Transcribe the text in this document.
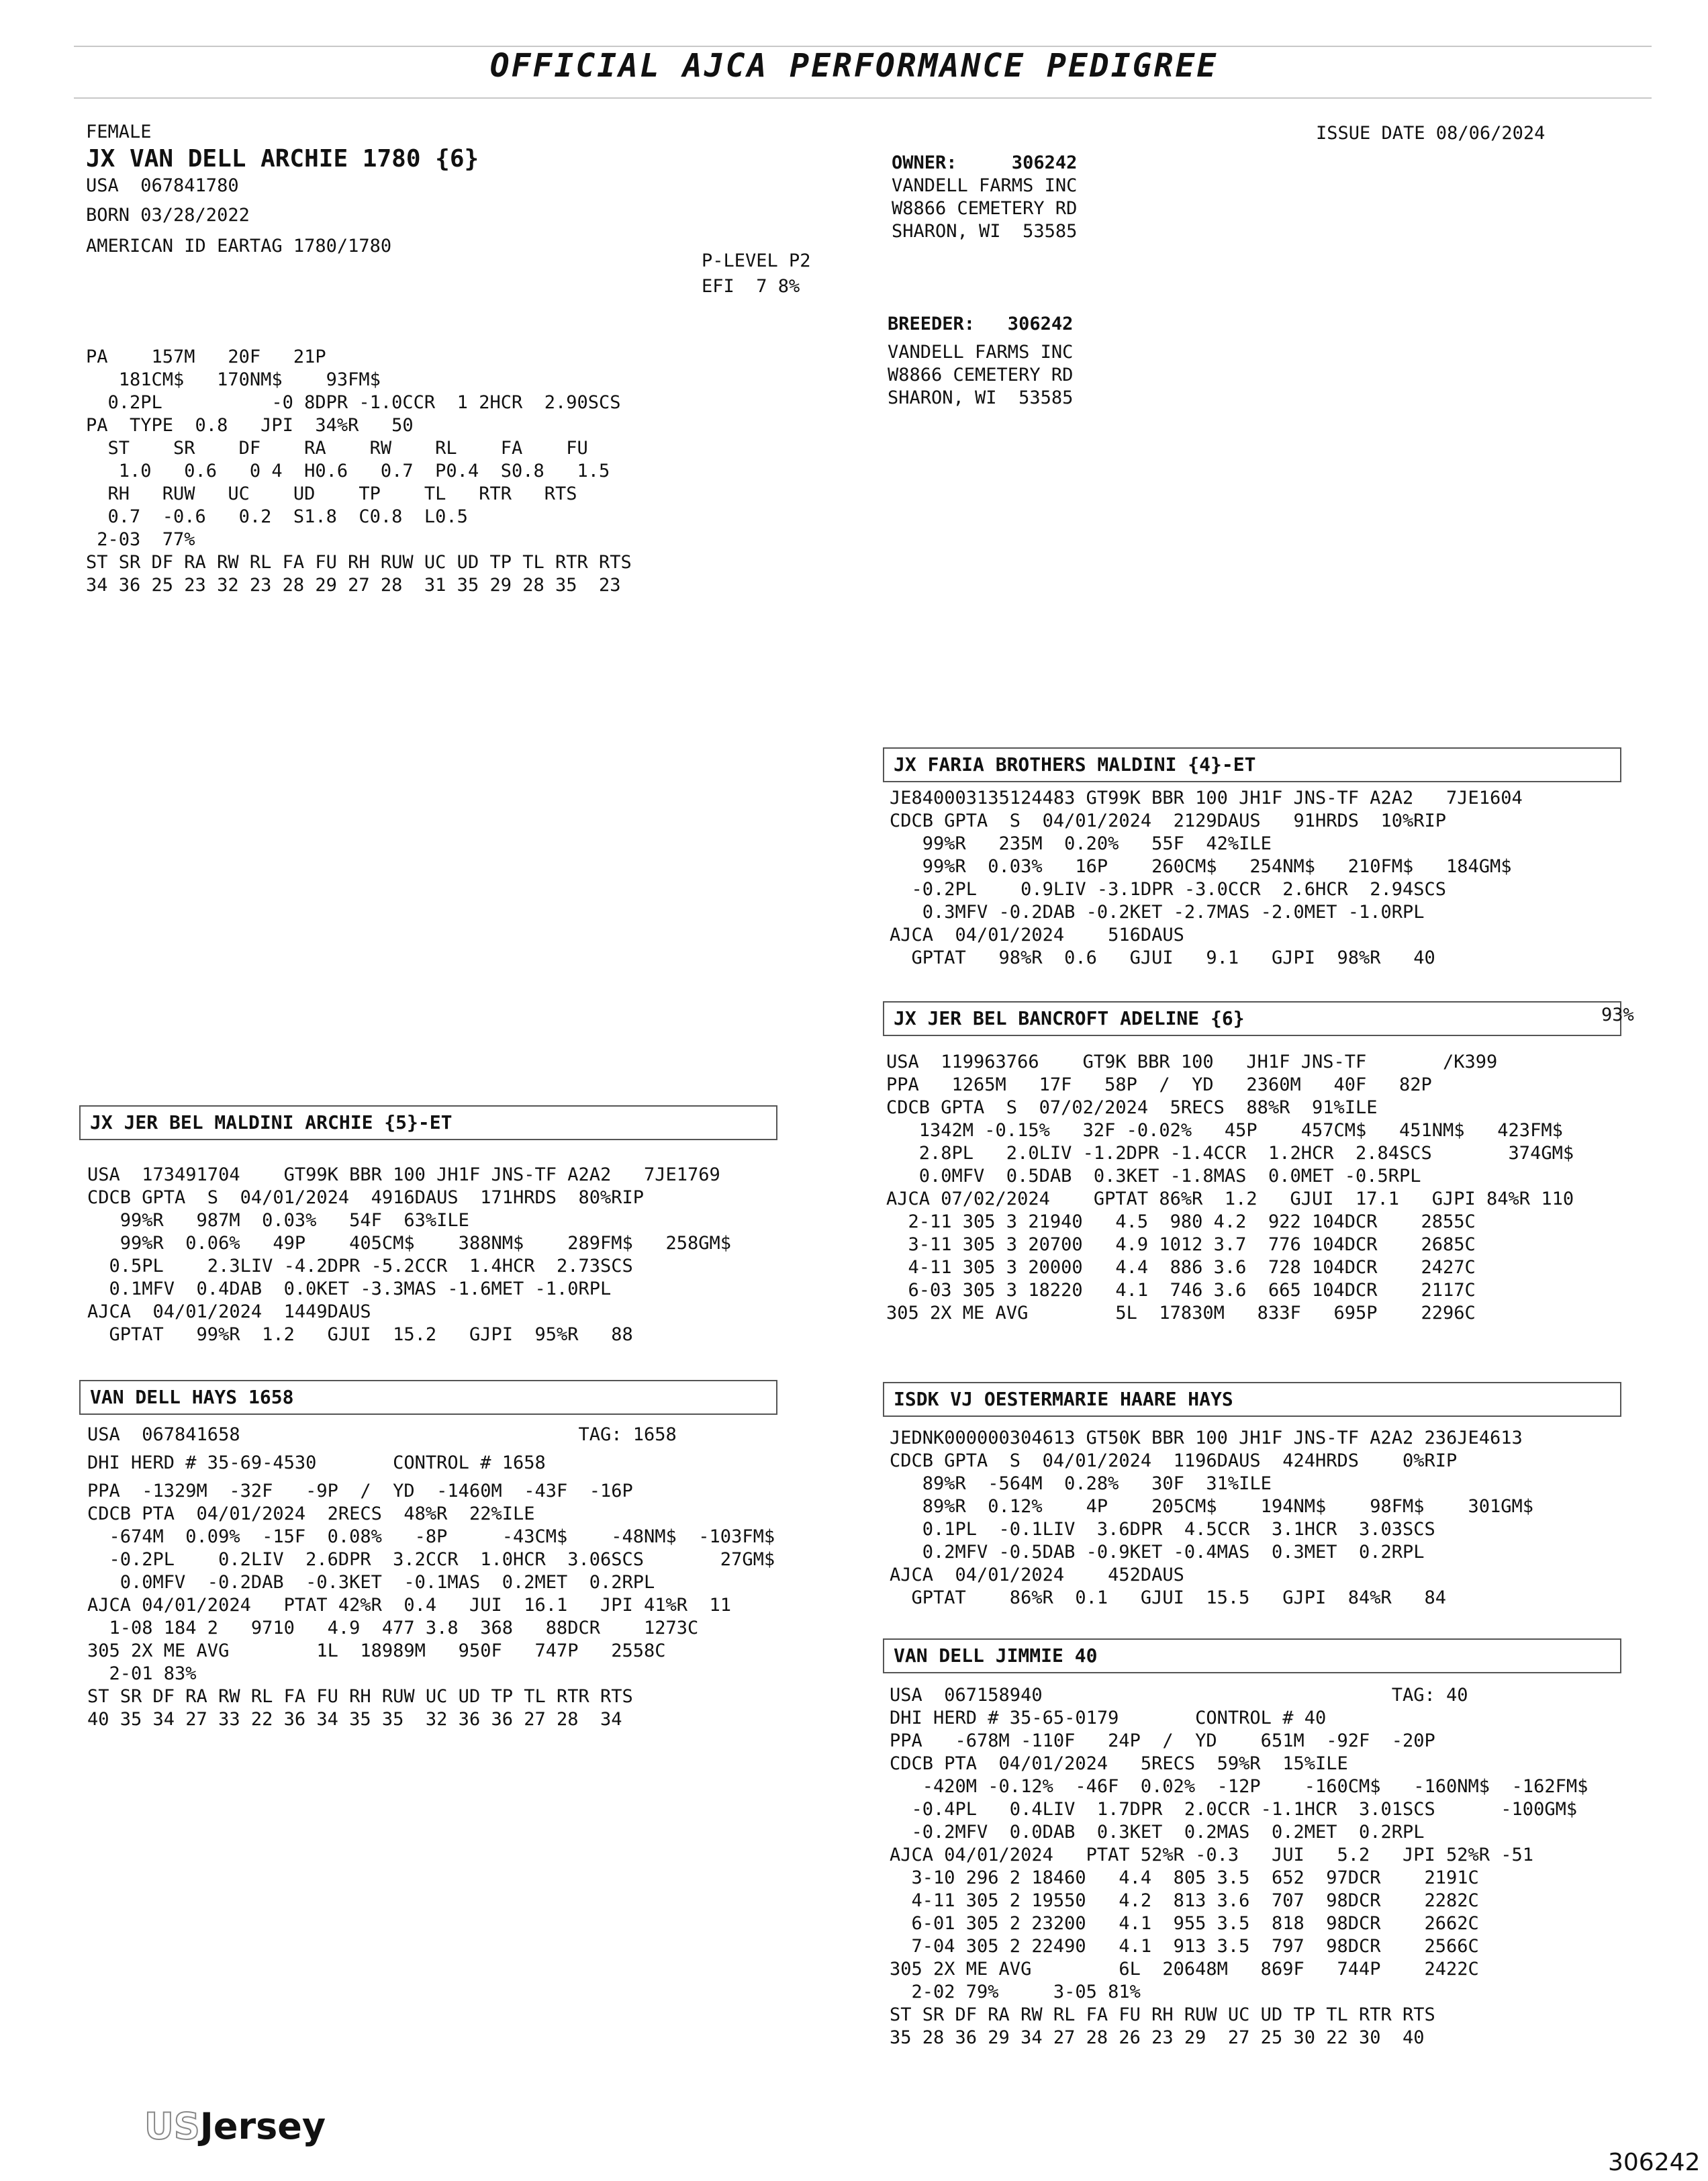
OFFICIAL AJCA PERFORMANCE PEDIGREE
FEMALE
JX VAN DELL ARCHIE 1780 {6}
USA  067841780
BORN 03/28/2022
AMERICAN ID EARTAG 1780/1780
ISSUE DATE 08/06/2024
P-LEVEL P2
EFI  7 8%
OWNER:     306242
VANDELL FARMS INC
W8866 CEMETERY RD
SHARON, WI  53585
BREEDER:   306242
VANDELL FARMS INC
W8866 CEMETERY RD
SHARON, WI  53585
PA    157M   20F   21P
181CM$   170NM$    93FM$
0.2PL          -0 8DPR -1.0CCR  1 2HCR  2.90SCS
PA  TYPE  0.8   JPI  34%R   50
ST    SR    DF    RA    RW    RL    FA    FU
1.0   0.6   0 4  H0.6   0.7  P0.4  S0.8   1.5
RH   RUW   UC    UD    TP    TL   RTR   RTS
0.7  -0.6   0.2  S1.8  C0.8  L0.5
2-03  77%
ST SR DF RA RW RL FA FU RH RUW UC UD TP TL RTR RTS
34 36 25 23 32 23 28 29 27 28  31 35 29 28 35  23
JX FARIA BROTHERS MALDINI {4}-ET
JE840003135124483 GT99K BBR 100 JH1F JNS-TF A2A2   7JE1604
CDCB GPTA  S  04/01/2024  2129DAUS   91HRDS  10%RIP
99%R   235M  0.20%   55F  42%ILE
99%R  0.03%   16P    260CM$   254NM$   210FM$   184GM$
-0.2PL    0.9LIV -3.1DPR -3.0CCR  2.6HCR  2.94SCS
0.3MFV -0.2DAB -0.2KET -2.7MAS -2.0MET -1.0RPL
AJCA  04/01/2024    516DAUS
GPTAT   98%R  0.6   GJUI   9.1   GJPI  98%R   40
JX JER BEL BANCROFT ADELINE {6}	93%
USA  119963766    GT9K BBR 100   JH1F JNS-TF       /K399
PPA   1265M   17F   58P  /  YD   2360M   40F   82P
CDCB GPTA  S  07/02/2024  5RECS  88%R  91%ILE
1342M -0.15%   32F -0.02%   45P    457CM$   451NM$   423FM$
2.8PL   2.0LIV -1.2DPR -1.4CCR  1.2HCR  2.84SCS       374GM$
0.0MFV  0.5DAB  0.3KET -1.8MAS  0.0MET -0.5RPL
AJCA 07/02/2024    GPTAT 86%R  1.2   GJUI  17.1   GJPI 84%R 110
2-11 305 3 21940   4.5  980 4.2  922 104DCR    2855C
3-11 305 3 20700   4.9 1012 3.7  776 104DCR    2685C
4-11 305 3 20000   4.4  886 3.6  728 104DCR    2427C
6-03 305 3 18220   4.1  746 3.6  665 104DCR    2117C
305 2X ME AVG        5L  17830M   833F   695P    2296C
JX JER BEL MALDINI ARCHIE {5}-ET
USA  173491704    GT99K BBR 100 JH1F JNS-TF A2A2   7JE1769
CDCB GPTA  S  04/01/2024  4916DAUS  171HRDS  80%RIP
99%R   987M  0.03%   54F  63%ILE
99%R  0.06%   49P    405CM$    388NM$    289FM$   258GM$
0.5PL    2.3LIV -4.2DPR -5.2CCR  1.4HCR  2.73SCS
0.1MFV  0.4DAB  0.0KET -3.3MAS -1.6MET -1.0RPL
AJCA  04/01/2024  1449DAUS
GPTAT   99%R  1.2   GJUI  15.2   GJPI  95%R   88
ISDK VJ OESTERMARIE HAARE HAYS
JEDNK000000304613 GT50K BBR 100 JH1F JNS-TF A2A2 236JE4613
CDCB GPTA  S  04/01/2024  1196DAUS  424HRDS    0%RIP
89%R  -564M  0.28%   30F  31%ILE
89%R  0.12%    4P    205CM$    194NM$    98FM$    301GM$
0.1PL  -0.1LIV  3.6DPR  4.5CCR  3.1HCR  3.03SCS
0.2MFV -0.5DAB -0.9KET -0.4MAS  0.3MET  0.2RPL
AJCA  04/01/2024    452DAUS
GPTAT    86%R  0.1   GJUI  15.5   GJPI  84%R   84
VAN DELL HAYS 1658
USA  067841658                               TAG: 1658
DHI HERD # 35-69-4530       CONTROL # 1658
PPA  -1329M  -32F   -9P  /  YD  -1460M  -43F  -16P
CDCB PTA  04/01/2024  2RECS  48%R  22%ILE
-674M  0.09%  -15F  0.08%   -8P     -43CM$    -48NM$  -103FM$
-0.2PL    0.2LIV  2.6DPR  3.2CCR  1.0HCR  3.06SCS       27GM$
0.0MFV  -0.2DAB  -0.3KET  -0.1MAS  0.2MET  0.2RPL
AJCA 04/01/2024   PTAT 42%R  0.4   JUI  16.1   JPI 41%R  11
1-08 184 2   9710   4.9  477 3.8  368   88DCR    1273C
305 2X ME AVG        1L  18989M   950F   747P   2558C
2-01 83%
ST SR DF RA RW RL FA FU RH RUW UC UD TP TL RTR RTS
40 35 34 27 33 22 36 34 35 35  32 36 36 27 28  34
VAN DELL JIMMIE 40
USA  067158940                                TAG: 40
DHI HERD # 35-65-0179       CONTROL # 40
PPA   -678M -110F   24P  /  YD    651M  -92F  -20P
CDCB PTA  04/01/2024   5RECS  59%R  15%ILE
-420M -0.12%  -46F  0.02%  -12P    -160CM$   -160NM$  -162FM$
-0.4PL   0.4LIV  1.7DPR  2.0CCR -1.1HCR  3.01SCS      -100GM$
-0.2MFV  0.0DAB  0.3KET  0.2MAS  0.2MET  0.2RPL
AJCA 04/01/2024   PTAT 52%R -0.3   JUI   5.2   JPI 52%R -51
3-10 296 2 18460   4.4  805 3.5  652  97DCR    2191C
4-11 305 2 19550   4.2  813 3.6  707  98DCR    2282C
6-01 305 2 23200   4.1  955 3.5  818  98DCR    2662C
7-04 305 2 22490   4.1  913 3.5  797  98DCR    2566C
305 2X ME AVG        6L  20648M   869F   744P    2422C
2-02 79%     3-05 81%
ST SR DF RA RW RL FA FU RH RUW UC UD TP TL RTR RTS
35 28 36 29 34 27 28 26 23 29  27 25 30 22 30  40
USJersey
306242
